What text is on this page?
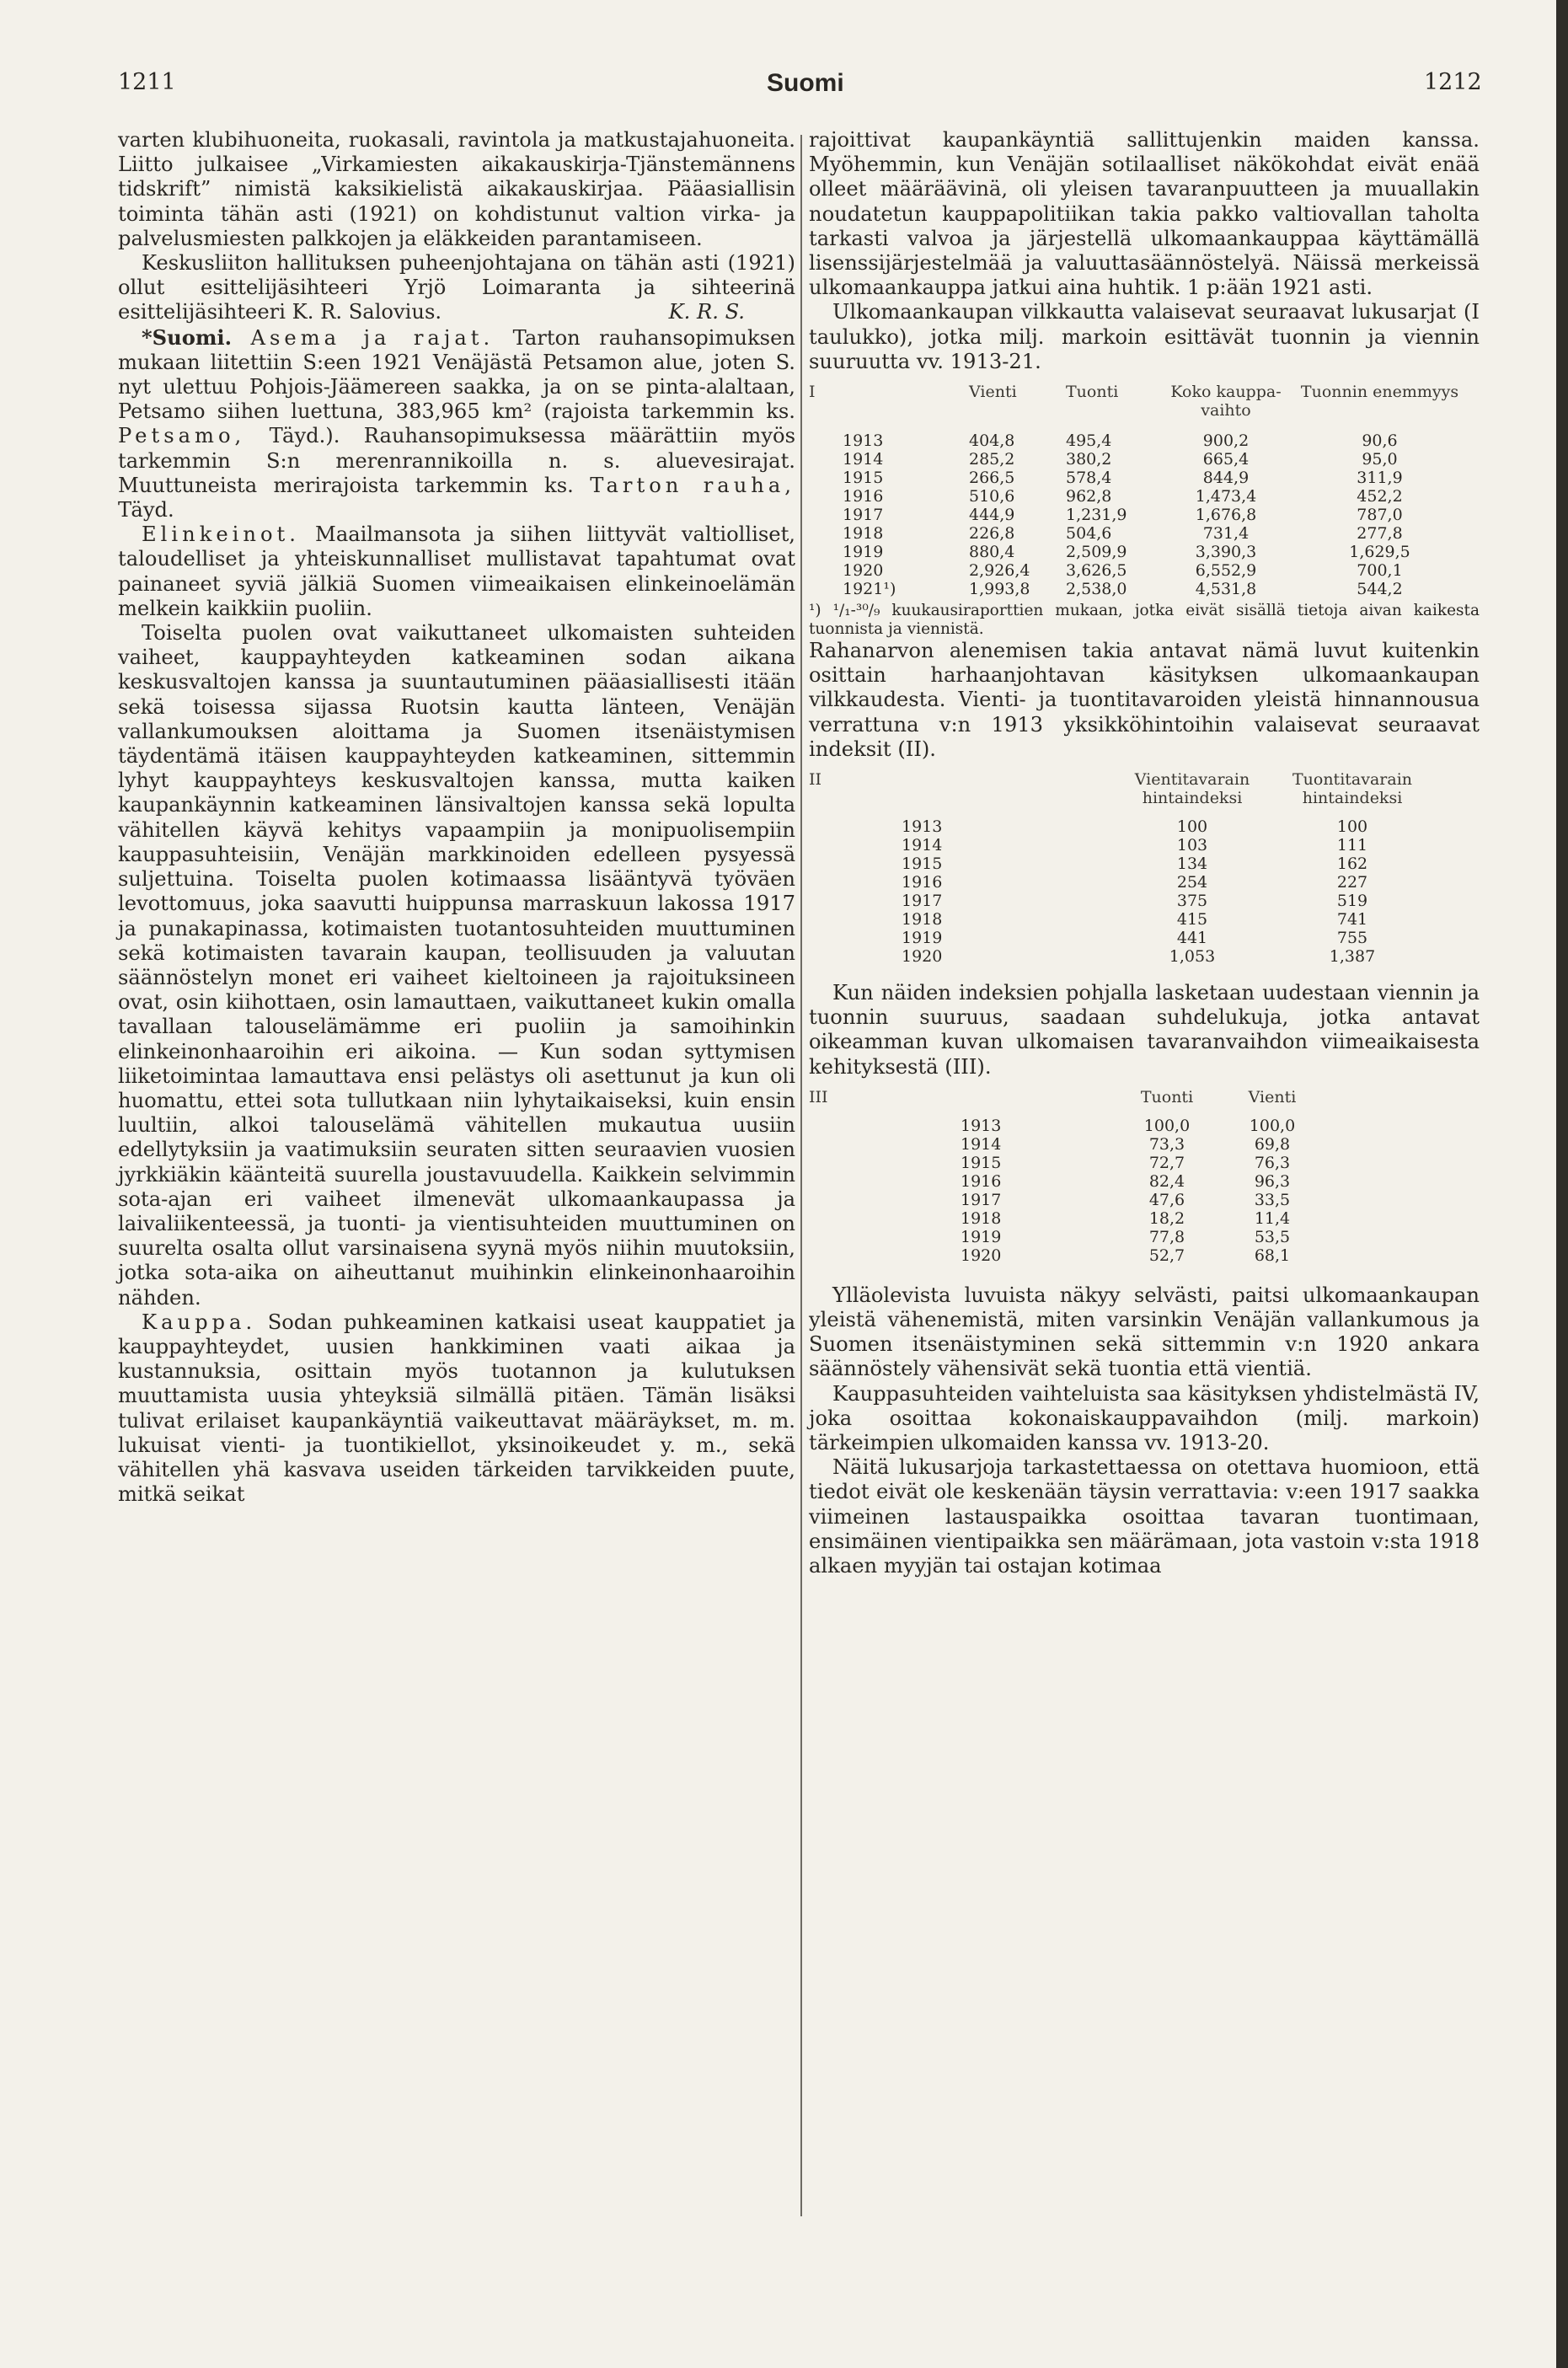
1211	Suomi	1212

varten klubihuoneita, ruokasali, ravintola ja matkustajahuoneita. Liitto julkaisee „Virkamiesten aikakauskirja-Tjänstemännens tidskrift” nimistä kaksikielistä aikakauskirjaa. Pääasiallisin toiminta tähän asti (1921) on kohdistunut valtion virka- ja palvelusmiesten palkkojen ja eläkkeiden parantamiseen.

Keskusliiton hallituksen puheenjohtajana on tähän asti (1921) ollut esittelijäsihteeri Yrjö Loimaranta ja sihteerinä esittelijäsihteeri K. R. Salovius.	K. R. S.

*Suomi. Asema ja rajat. Tarton rauhansopimuksen mukaan liitettiin S:een 1921 Venäjästä Petsamon alue, joten S. nyt ulettuu Pohjois-Jäämereen saakka, ja on se pinta-alaltaan, Petsamo siihen luettuna, 383,965 km² (rajoista tarkemmin ks. Petsamo, Täyd.). Rauhansopimuksessa määrättiin myös tarkemmin S:n merenrannikoilla n. s. aluevesirajat. Muuttuneista merirajoista tarkemmin ks. Tarton rauha, Täyd.

Elinkeinot. Maailmansota ja siihen liittyvät valtiolliset, taloudelliset ja yhteiskunnalliset mullistavat tapahtumat ovat painaneet syviä jälkiä Suomen viimeaikaisen elinkeinoelämän melkein kaikkiin puoliin.

Toiselta puolen ovat vaikuttaneet ulkomaisten suhteiden vaiheet, kauppayhteyden katkeaminen sodan aikana keskusvaltojen kanssa ja suuntautuminen pääasiallisesti itään sekä toisessa sijassa Ruotsin kautta länteen, Venäjän vallankumouksen aloittama ja Suomen itsenäistymisen täydentämä itäisen kauppayhteyden katkeaminen, sittemmin lyhyt kauppayhteys keskusvaltojen kanssa, mutta kaiken kaupankäynnin katkeaminen länsivaltojen kanssa sekä lopulta vähitellen käyvä kehitys vapaampiin ja monipuolisempiin kauppasuhteisiin, Venäjän markkinoiden edelleen pysyessä suljettuina. Toiselta puolen kotimaassa lisääntyvä työväen levottomuus, joka saavutti huippunsa marraskuun lakossa 1917 ja punakapinassa, kotimaisten tuotantosuhteiden muuttuminen sekä kotimaisten tavarain kaupan, teollisuuden ja valuutan säännöstelyn monet eri vaiheet kieltoineen ja rajoituksineen ovat, osin kiihottaen, osin lamauttaen, vaikuttaneet kukin omalla tavallaan talouselämämme eri puoliin ja samoihinkin elinkeinonhaaroihin eri aikoina. — Kun sodan syttymisen liiketoimintaa lamauttava ensi pelästys oli asettunut ja kun oli huomattu, ettei sota tullutkaan niin lyhytaikaiseksi, kuin ensin luultiin, alkoi talouselämä vähitellen mukautua uusiin edellytyksiin ja vaatimuksiin seuraten sitten seuraavien vuosien jyrkkiäkin käänteitä suurella joustavuudella. Kaikkein selvimmin sota-ajan eri vaiheet ilmenevät ulkomaankaupassa ja laivaliikenteessä, ja tuonti- ja vientisuhteiden muuttuminen on suurelta osalta ollut varsinaisena syynä myös niihin muutoksiin, jotka sota-aika on aiheuttanut muihinkin elinkeinonhaaroihin nähden.

Kauppa. Sodan puhkeaminen katkaisi useat kauppatiet ja kauppayhteydet, uusien hankkiminen vaati aikaa ja kustannuksia, osittain myös tuotannon ja kulutuksen muuttamista uusia yhteyksiä silmällä pitäen. Tämän lisäksi tulivat erilaiset kaupankäyntiä vaikeuttavat määräykset, m. m. lukuisat vienti- ja tuontikiellot, yksinoikeudet y. m., sekä vähitellen yhä kasvava useiden tärkeiden tarvikkeiden puute, mitkä seikat

rajoittivat kaupankäyntiä sallittujenkin maiden kanssa. Myöhemmin, kun Venäjän sotilaalliset näkökohdat eivät enää olleet määräävinä, oli yleisen tavaranpuutteen ja muuallakin noudatetun kauppapolitiikan takia pakko valtiovallan taholta tarkasti valvoa ja järjestellä ulkomaankauppaa käyttämällä lisenssijärjestelmää ja valuuttasäännöstelyä. Näissä merkeissä ulkomaankauppa jatkui aina huhtik. 1 p:ään 1921 asti.

Ulkomaankaupan vilkkautta valaisevat seuraavat lukusarjat (I taulukko), jotka milj. markoin esittävät tuonnin ja viennin suuruutta vv. 1913-21.

I	Vienti	Tuonti	Koko kauppa-vaihto	Tuonnin enemmyys

1913	404,8	495,4	900,2	90,6
1914	285,2	380,2	665,4	95,0
1915	266,5	578,4	844,9	311,9
1916	510,6	962,8	1,473,4	452,2
1917	444,9	1,231,9	1,676,8	787,0
1918	226,8	504,6	731,4	277,8
1919	880,4	2,509,9	3,390,3	1,629,5
1920	2,926,4	3,626,5	6,552,9	700,1
1921¹)	1,993,8	2,538,0	4,531,8	544,2

¹) ¹/₁-³⁰/₉ kuukausiraporttien mukaan, jotka eivät sisällä tietoja aivan kaikesta tuonnista ja viennistä.

Rahanarvon alenemisen takia antavat nämä luvut kuitenkin osittain harhaanjohtavan käsityksen ulkomaankaupan vilkkaudesta. Vienti- ja tuontitavaroiden yleistä hinnannousua verrattuna v:n 1913 yksikköhintoihin valaisevat seuraavat indeksit (II).

II	Vientitavarain hintaindeksi	Tuontitavarain hintaindeksi

1913	100	100
1914	103	111
1915	134	162
1916	254	227
1917	375	519
1918	415	741
1919	441	755
1920	1,053	1,387

Kun näiden indeksien pohjalla lasketaan uudestaan viennin ja tuonnin suuruus, saadaan suhdelukuja, jotka antavat oikeamman kuvan ulkomaisen tavaranvaihdon viimeaikaisesta kehityksestä (III).

III	Tuonti	Vienti

1913	100,0	100,0
1914	73,3	69,8
1915	72,7	76,3
1916	82,4	96,3
1917	47,6	33,5
1918	18,2	11,4
1919	77,8	53,5
1920	52,7	68,1

Ylläolevista luvuista näkyy selvästi, paitsi ulkomaankaupan yleistä vähenemistä, miten varsinkin Venäjän vallankumous ja Suomen itsenäistyminen sekä sittemmin v:n 1920 ankara säännöstely vähensivät sekä tuontia että vientiä.

Kauppasuhteiden vaihteluista saa käsityksen yhdistelmästä IV, joka osoittaa kokonaiskauppavaihdon (milj. markoin) tärkeimpien ulkomaiden kanssa vv. 1913-20.

Näitä lukusarjoja tarkastettaessa on otettava huomioon, että tiedot eivät ole keskenään täysin verrattavia: v:een 1917 saakka viimeinen lastauspaikka osoittaa tavaran tuontimaan, ensimäinen vientipaikka sen määrämaan, jota vastoin v:sta 1918 alkaen myyjän tai ostajan kotimaa
